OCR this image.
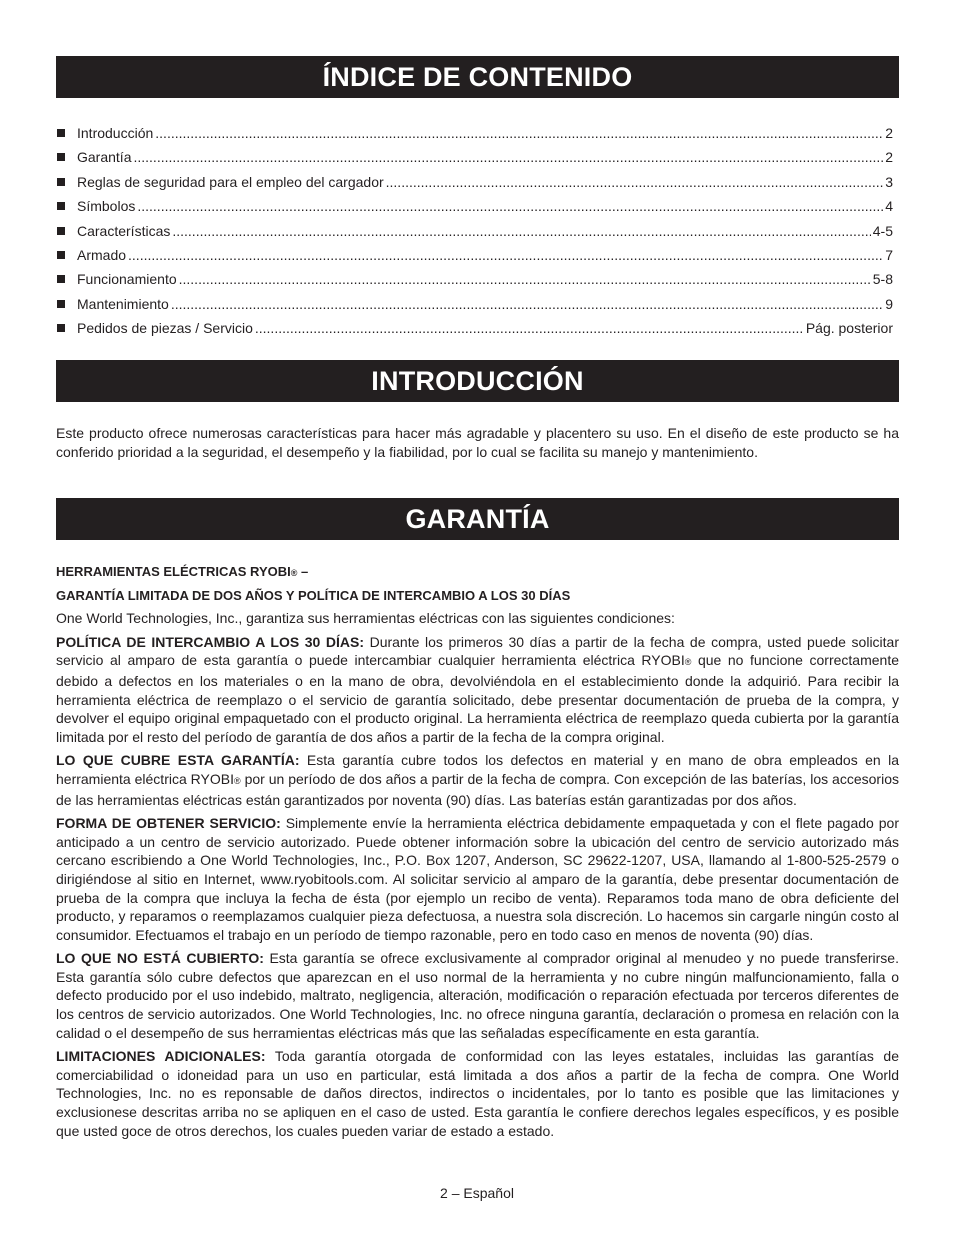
ÍNDICE DE CONTENIDO
Introducción .....	2
Garantía .....	2
Reglas de seguridad para el empleo del cargador .....	3
Símbolos .....	4
Características .....	4-5
Armado .....	7
Funcionamiento .....	5-8
Mantenimiento .....	9
Pedidos de piezas / Servicio .....	Pág. posterior
INTRODUCCIÓN
Este producto ofrece numerosas características para hacer más agradable y placentero su uso. En el diseño de este producto se ha conferido prioridad a la seguridad, el desempeño y la fiabilidad, por lo cual se facilita su manejo y mantenimiento.
GARANTÍA
HERRAMIENTAS ELÉCTRICAS RYOBI® –
GARANTÍA LIMITADA DE DOS AÑOS Y POLÍTICA DE INTERCAMBIO A LOS 30 DÍAS

One World Technologies, Inc., garantiza sus herramientas eléctricas con las siguientes condiciones:

POLÍTICA DE INTERCAMBIO A LOS 30 DÍAS: Durante los primeros 30 días a partir de la fecha de compra, usted puede solicitar servicio al amparo de esta garantía o puede intercambiar cualquier herramienta eléctrica RYOBI® que no funcione correctamente debido a defectos en los materiales o en la mano de obra, devolviéndola en el establecimiento donde la adquirió. Para recibir la herramienta eléctrica de reemplazo o el servicio de garantía solicitado, debe presentar documentación de prueba de la compra, y devolver el equipo original empaquetado con el producto original. La herramienta eléctrica de reemplazo queda cubierta por la garantía limitada por el resto del período de garantía de dos años a partir de la fecha de la compra original.

LO QUE CUBRE ESTA GARANTÍA: Esta garantía cubre todos los defectos en material y en mano de obra empleados en la herramienta eléctrica RYOBI® por un período de dos años a partir de la fecha de compra. Con excepción de las baterías, los accesorios de las herramientas eléctricas están garantizados por noventa (90) días. Las baterías están garantizadas por dos años.

FORMA DE OBTENER SERVICIO: Simplemente envíe la herramienta eléctrica debidamente empaquetada y con el flete pagado por anticipado a un centro de servicio autorizado. Puede obtener información sobre la ubicación del centro de servicio autorizado más cercano escribiendo a One World Technologies, Inc., P.O. Box 1207, Anderson, SC 29622-1207, USA, llamando al 1-800-525-2579 o dirigiéndose al sitio en Internet, www.ryobitools.com. Al solicitar servicio al amparo de la garantía, debe presentar documentación de prueba de la compra que incluya la fecha de ésta (por ejemplo un recibo de venta). Reparamos toda mano de obra deficiente del producto, y reparamos o reemplazamos cualquier pieza defectuosa, a nuestra sola discreción. Lo hacemos sin cargarle ningún costo al consumidor. Efectuamos el trabajo en un período de tiempo razonable, pero en todo caso en menos de noventa (90) días.

LO QUE NO ESTÁ CUBIERTO: Esta garantía se ofrece exclusivamente al comprador original al menudeo y no puede transferirse. Esta garantía sólo cubre defectos que aparezcan en el uso normal de la herramienta y no cubre ningún malfuncionamiento, falla o defecto producido por el uso indebido, maltrato, negligencia, alteración, modificación o reparación efectuada por terceros diferentes de los centros de servicio autorizados. One World Technologies, Inc. no ofrece ninguna garantía, declaración o promesa en relación con la calidad o el desempeño de sus herramientas eléctricas más que las señaladas específicamente en esta garantía.

LIMITACIONES ADICIONALES: Toda garantía otorgada de conformidad con las leyes estatales, incluidas las garantías de comerciabilidad o idoneidad para un uso en particular, está limitada a dos años a partir de la fecha de compra. One World Technologies, Inc. no es reponsable de daños directos, indirectos o incidentales, por lo tanto es posible que las limitaciones y exclusionese descritas arriba no se apliquen en el caso de usted. Esta garantía le confiere derechos legales específicos, y es posible que usted goce de otros derechos, los cuales pueden variar de estado a estado.

2 – Español
